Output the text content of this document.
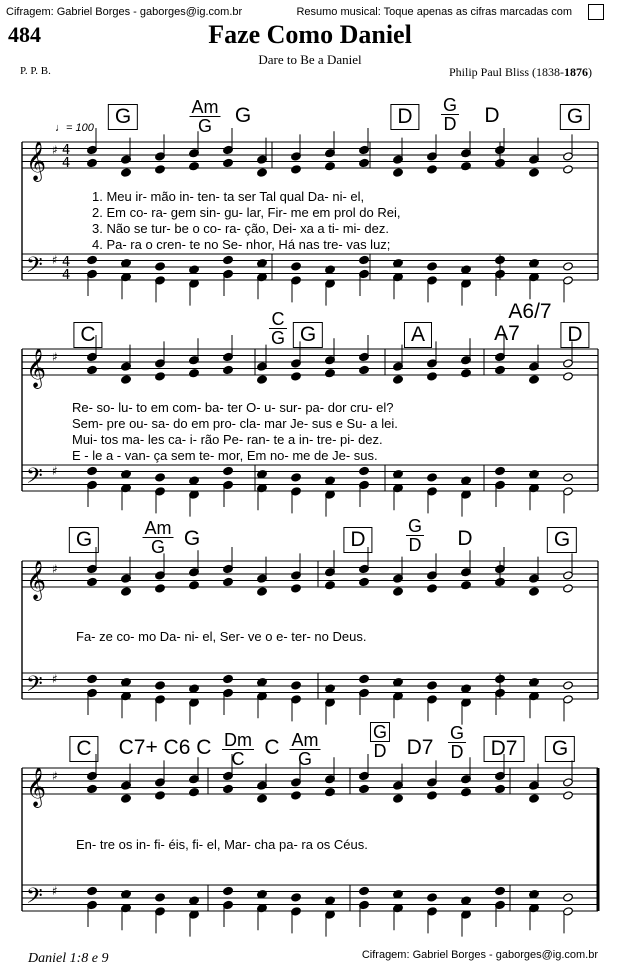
Cifragem: Gabriel Borges - gaborges@ig.com.br	Resumo musical: Toque apenas as cifras marcadas com
484	Faze Como Daniel
Dare to Be a Daniel
P. P. B.	Philip Paul Bliss (1838-1876)
𝄞
𝄢
♯
♯
4
4
4
4
𝄞
𝄢
♯
♯
𝄞
𝄢
♯
♯
𝄞
𝄢
♯
♯
G	$\frac{Am}{G}$ G	D	$\frac{G}{D}$ D	G
♩= 100
1. Meu ir- mão in- ten- ta ser Tal qual Da- ni- el,
2. Em co- ra- gem sin- gu- lar, Fir- me em prol do Rei,
3. Não se tur- be o co- ra- ção, Dei- xa a ti- mi- dez.
4. Pa- ra o cren- te no Se- nhor, Há nas tre- vas luz;
A6/7
C	$\frac{C}{G}$ G	A	A7	D
Re- so- lu- to em com- ba- ter O- u- sur- pa- dor cru- el?
Sem- pre ou- sa- do em pro- cla- mar Je- sus e Su- a lei.
Mui- tos ma- les ca- i- rão Pe- ran- te a in- tre- pi- dez.
E - le a - van- ça sem te- mor, Em no- me de Je- sus.
G	$\frac{Am}{G}$ G	D	$\frac{G}{D}$ D	G
Fa- ze co- mo Da- ni- el, Ser- ve o e- ter- no Deus.
$\frac{G}{D}$
C	C7+ C6 C $\frac{Dm}{C}$ C $\frac{Am}{G}$	$D7 \frac{G}{D}$	D7	G
En- tre os in- fi- éis, fi- el, Mar- cha pa- ra os Céus.
Daniel 1:8 e 9	Cifragem: Gabriel Borges - gaborges@ig.com.br
